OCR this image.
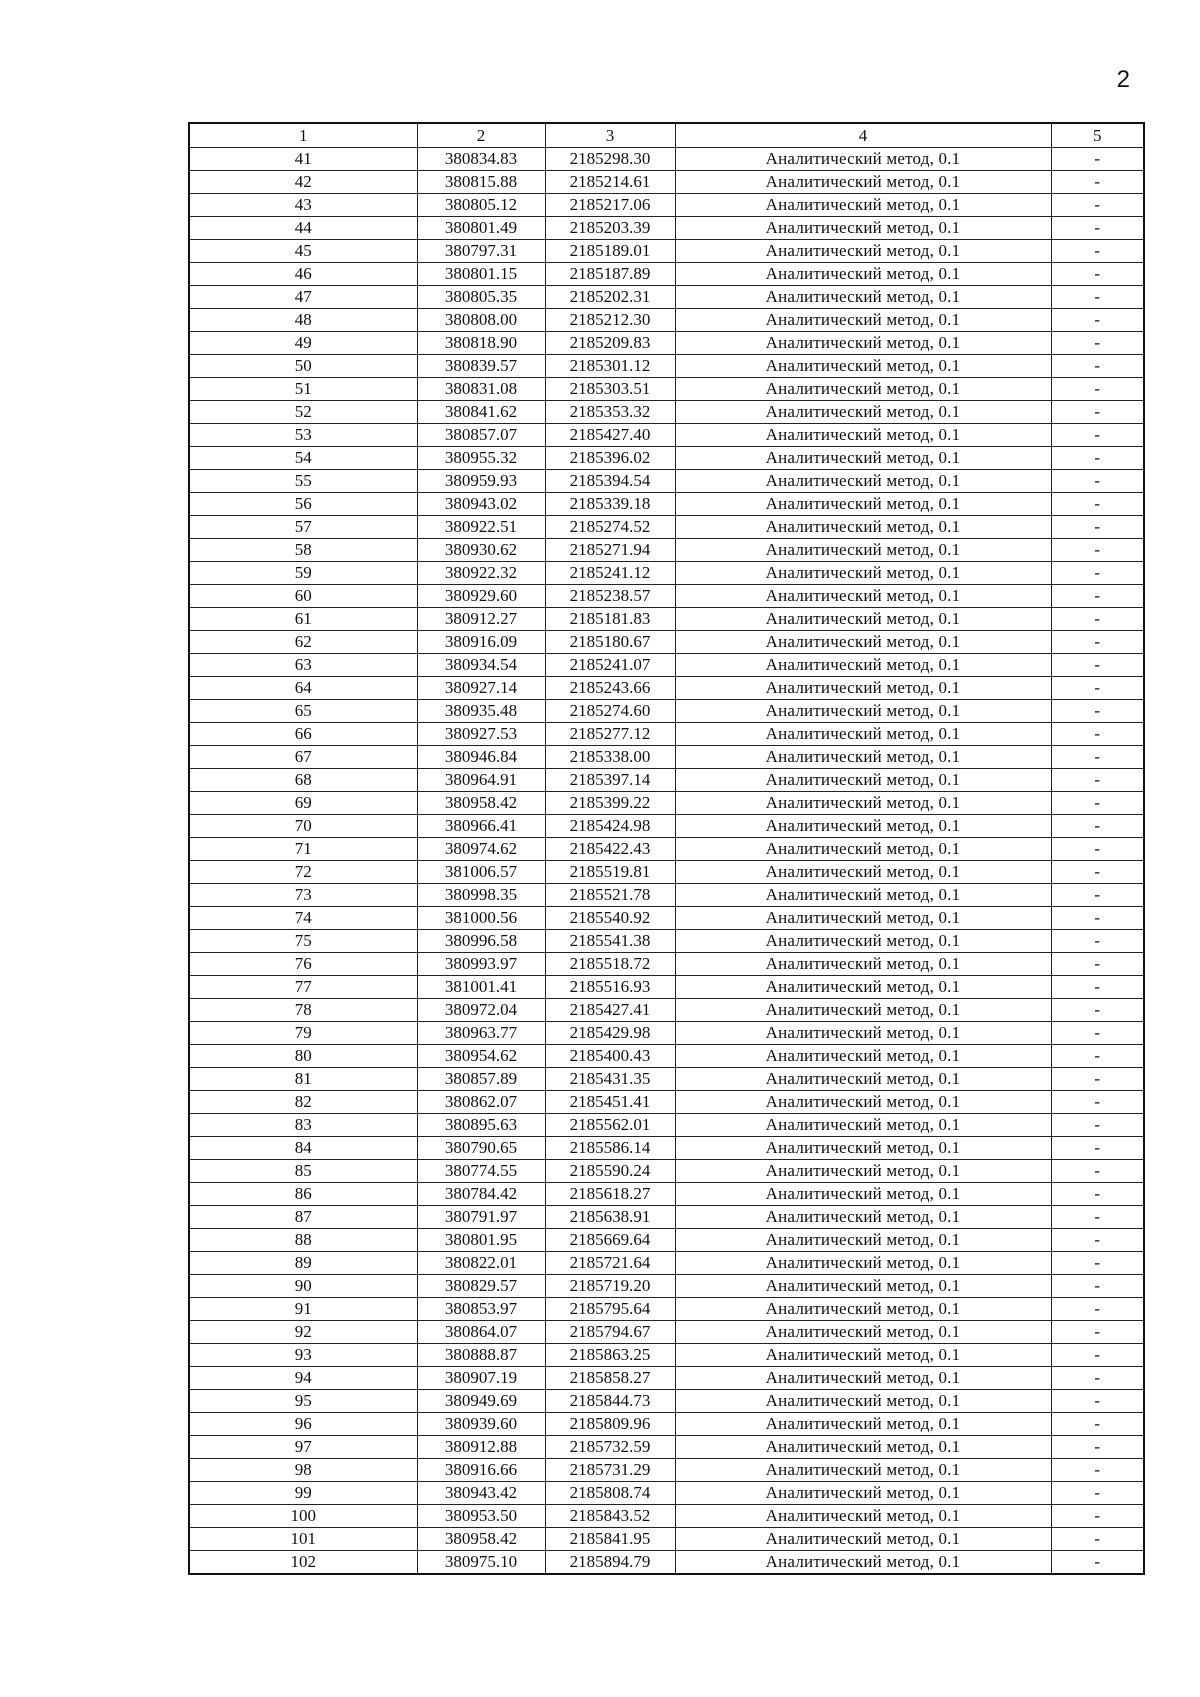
2
1	2	3	4	5
41	380834.83	2185298.30	Аналитический метод, 0.1	-
42	380815.88	2185214.61	Аналитический метод, 0.1	-
43	380805.12	2185217.06	Аналитический метод, 0.1	-
44	380801.49	2185203.39	Аналитический метод, 0.1	-
45	380797.31	2185189.01	Аналитический метод, 0.1	-
46	380801.15	2185187.89	Аналитический метод, 0.1	-
47	380805.35	2185202.31	Аналитический метод, 0.1	-
48	380808.00	2185212.30	Аналитический метод, 0.1	-
49	380818.90	2185209.83	Аналитический метод, 0.1	-
50	380839.57	2185301.12	Аналитический метод, 0.1	-
51	380831.08	2185303.51	Аналитический метод, 0.1	-
52	380841.62	2185353.32	Аналитический метод, 0.1	-
53	380857.07	2185427.40	Аналитический метод, 0.1	-
54	380955.32	2185396.02	Аналитический метод, 0.1	-
55	380959.93	2185394.54	Аналитический метод, 0.1	-
56	380943.02	2185339.18	Аналитический метод, 0.1	-
57	380922.51	2185274.52	Аналитический метод, 0.1	-
58	380930.62	2185271.94	Аналитический метод, 0.1	-
59	380922.32	2185241.12	Аналитический метод, 0.1	-
60	380929.60	2185238.57	Аналитический метод, 0.1	-
61	380912.27	2185181.83	Аналитический метод, 0.1	-
62	380916.09	2185180.67	Аналитический метод, 0.1	-
63	380934.54	2185241.07	Аналитический метод, 0.1	-
64	380927.14	2185243.66	Аналитический метод, 0.1	-
65	380935.48	2185274.60	Аналитический метод, 0.1	-
66	380927.53	2185277.12	Аналитический метод, 0.1	-
67	380946.84	2185338.00	Аналитический метод, 0.1	-
68	380964.91	2185397.14	Аналитический метод, 0.1	-
69	380958.42	2185399.22	Аналитический метод, 0.1	-
70	380966.41	2185424.98	Аналитический метод, 0.1	-
71	380974.62	2185422.43	Аналитический метод, 0.1	-
72	381006.57	2185519.81	Аналитический метод, 0.1	-
73	380998.35	2185521.78	Аналитический метод, 0.1	-
74	381000.56	2185540.92	Аналитический метод, 0.1	-
75	380996.58	2185541.38	Аналитический метод, 0.1	-
76	380993.97	2185518.72	Аналитический метод, 0.1	-
77	381001.41	2185516.93	Аналитический метод, 0.1	-
78	380972.04	2185427.41	Аналитический метод, 0.1	-
79	380963.77	2185429.98	Аналитический метод, 0.1	-
80	380954.62	2185400.43	Аналитический метод, 0.1	-
81	380857.89	2185431.35	Аналитический метод, 0.1	-
82	380862.07	2185451.41	Аналитический метод, 0.1	-
83	380895.63	2185562.01	Аналитический метод, 0.1	-
84	380790.65	2185586.14	Аналитический метод, 0.1	-
85	380774.55	2185590.24	Аналитический метод, 0.1	-
86	380784.42	2185618.27	Аналитический метод, 0.1	-
87	380791.97	2185638.91	Аналитический метод, 0.1	-
88	380801.95	2185669.64	Аналитический метод, 0.1	-
89	380822.01	2185721.64	Аналитический метод, 0.1	-
90	380829.57	2185719.20	Аналитический метод, 0.1	-
91	380853.97	2185795.64	Аналитический метод, 0.1	-
92	380864.07	2185794.67	Аналитический метод, 0.1	-
93	380888.87	2185863.25	Аналитический метод, 0.1	-
94	380907.19	2185858.27	Аналитический метод, 0.1	-
95	380949.69	2185844.73	Аналитический метод, 0.1	-
96	380939.60	2185809.96	Аналитический метод, 0.1	-
97	380912.88	2185732.59	Аналитический метод, 0.1	-
98	380916.66	2185731.29	Аналитический метод, 0.1	-
99	380943.42	2185808.74	Аналитический метод, 0.1	-
100	380953.50	2185843.52	Аналитический метод, 0.1	-
101	380958.42	2185841.95	Аналитический метод, 0.1	-
102	380975.10	2185894.79	Аналитический метод, 0.1	-
